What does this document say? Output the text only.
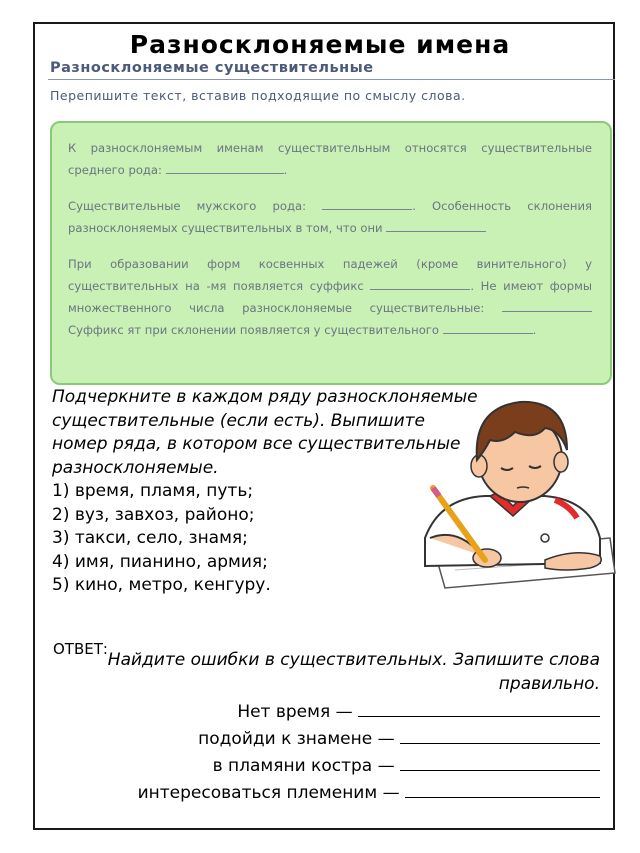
Разносклоняемые имена
Разносклоняемые существительные
Перепишите текст, вставив подходящие по смыслу слова.

К разносклоняемым именам существительным относятся существительные среднего рода:	.

Существительные мужского рода:	. Особенность склонения разносклоняемых существительных в том, что они

При образовании форм косвенных падежей (кроме винительного) у существительных на -мя появляется суффикс	. Не имеют формы множественного числа разносклоняемые существительные:  Суффикс ят при склонении появляется у существительного	.

Подчеркните в каждом ряду разносклоняемые существительные (если есть). Выпишите номер ряда, в котором все существительные разносклоняемые.
1) время, пламя, путь;
2) вуз, завхоз, районо;
3) такси, село, знамя;
4) имя, пианино, армия;
5) кино, метро, кенгуру.
ОТВЕТ:
Найдите ошибки в существительных. Запишите слова правильно.
Нет время —
подойди к знамене —
в пламяни костра —
интересоваться племеним —
